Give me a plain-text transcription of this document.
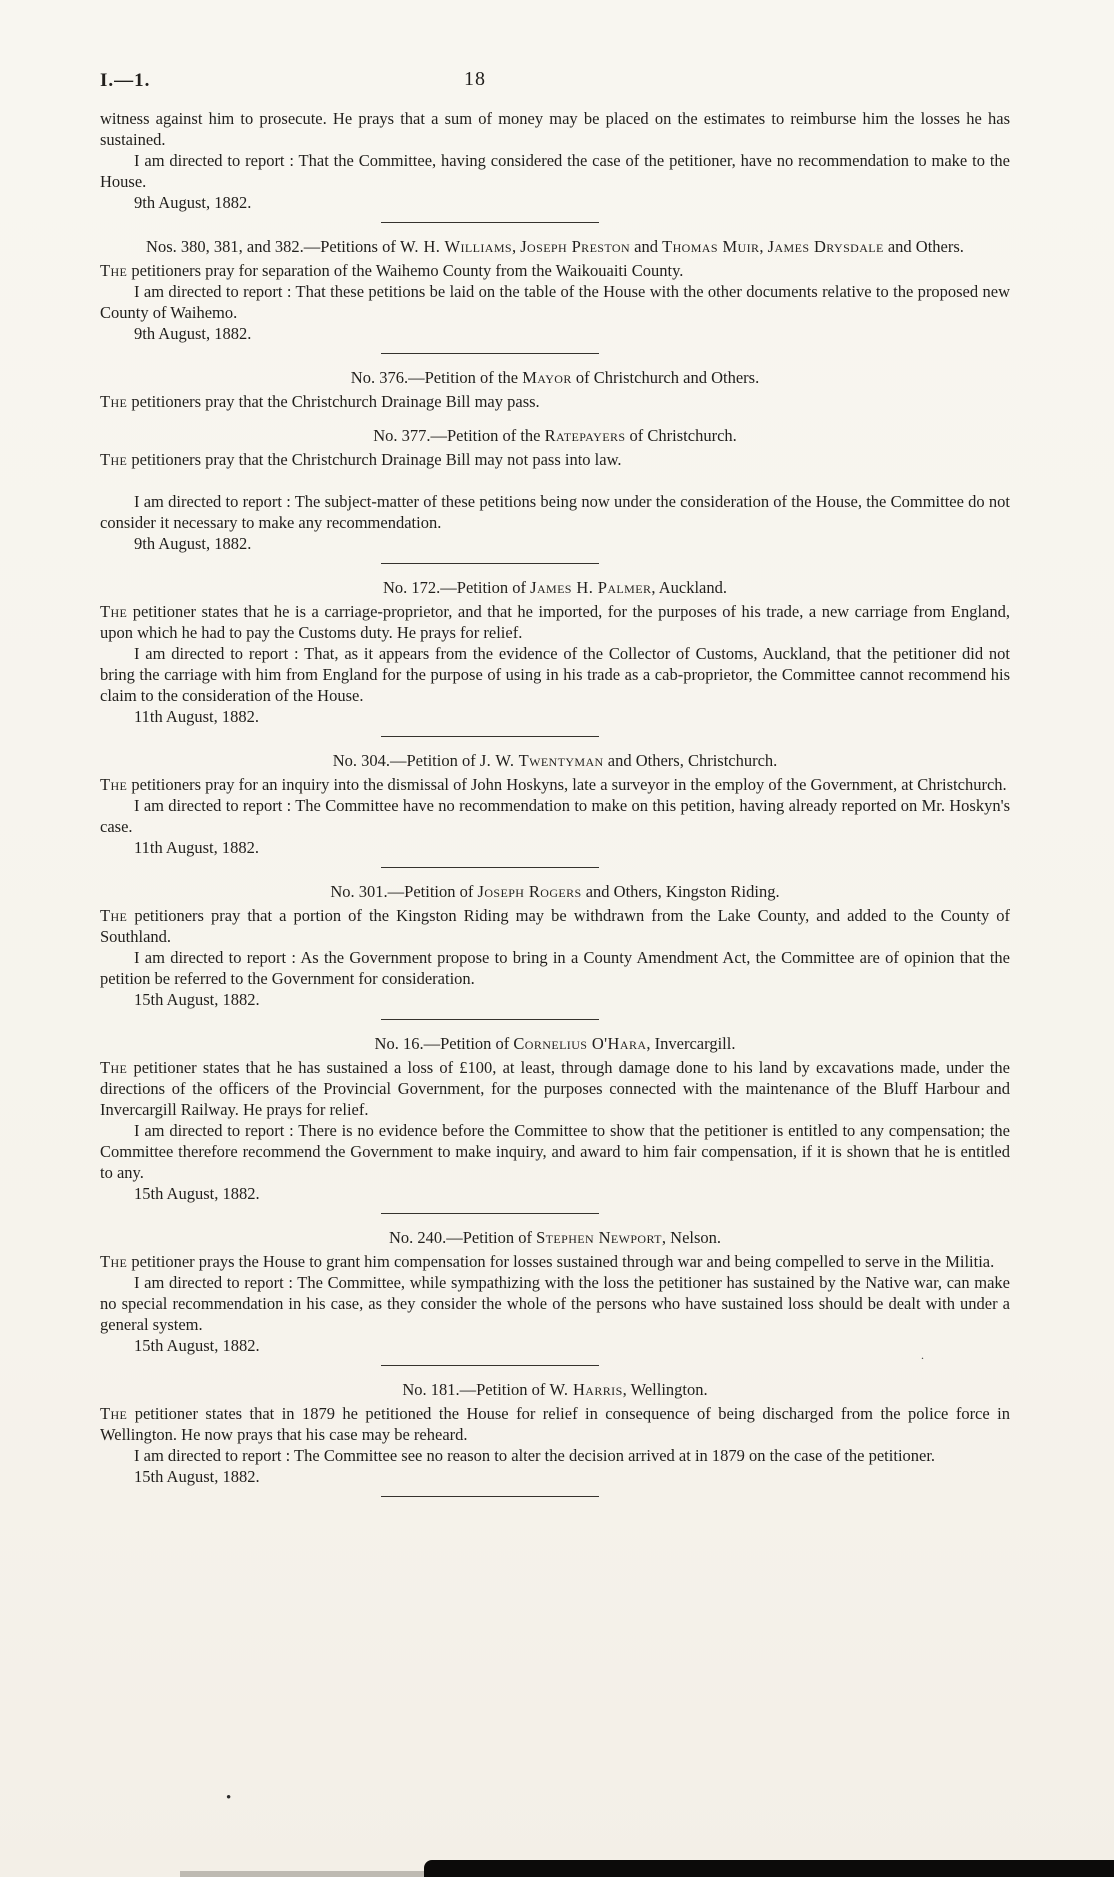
I.—1.	18

witness against him to prosecute. He prays that a sum of money may be placed on the estimates to reimburse him the losses he has sustained.

I am directed to report : That the Committee, having considered the case of the petitioner, have no recommendation to make to the House.

9th August, 1882.

Nos. 380, 381, and 382.—Petitions of W. H. Williams, Joseph Preston and Thomas Muir, James Drysdale and Others.

The petitioners pray for separation of the Waihemo County from the Waikouaiti County.

I am directed to report : That these petitions be laid on the table of the House with the other documents relative to the proposed new County of Waihemo.

9th August, 1882.

No. 376.—Petition of the Mayor of Christchurch and Others.

The petitioners pray that the Christchurch Drainage Bill may pass.

No. 377.—Petition of the Ratepayers of Christchurch.

The petitioners pray that the Christchurch Drainage Bill may not pass into law.

I am directed to report : The subject-matter of these petitions being now under the consideration of the House, the Committee do not consider it necessary to make any recommendation.

9th August, 1882.

No. 172.—Petition of James H. Palmer, Auckland.

The petitioner states that he is a carriage-proprietor, and that he imported, for the purposes of his trade, a new carriage from England, upon which he had to pay the Customs duty. He prays for relief.

I am directed to report : That, as it appears from the evidence of the Collector of Customs, Auckland, that the petitioner did not bring the carriage with him from England for the purpose of using in his trade as a cab-proprietor, the Committee cannot recommend his claim to the consideration of the House.

11th August, 1882.

No. 304.—Petition of J. W. Twentyman and Others, Christchurch.

The petitioners pray for an inquiry into the dismissal of John Hoskyns, late a surveyor in the employ of the Government, at Christchurch.

I am directed to report : The Committee have no recommendation to make on this petition, having already reported on Mr. Hoskyn's case.

11th August, 1882.

No. 301.—Petition of Joseph Rogers and Others, Kingston Riding.

The petitioners pray that a portion of the Kingston Riding may be withdrawn from the Lake County, and added to the County of Southland.

I am directed to report : As the Government propose to bring in a County Amendment Act, the Committee are of opinion that the petition be referred to the Government for consideration.

15th August, 1882.

No. 16.—Petition of Cornelius O'Hara, Invercargill.

The petitioner states that he has sustained a loss of £100, at least, through damage done to his land by excavations made, under the directions of the officers of the Provincial Government, for the purposes connected with the maintenance of the Bluff Harbour and Invercargill Railway. He prays for relief.

I am directed to report : There is no evidence before the Committee to show that the petitioner is entitled to any compensation; the Committee therefore recommend the Government to make inquiry, and award to him fair compensation, if it is shown that he is entitled to any.

15th August, 1882.

No. 240.—Petition of Stephen Newport, Nelson.

The petitioner prays the House to grant him compensation for losses sustained through war and being compelled to serve in the Militia.

I am directed to report : The Committee, while sympathizing with the loss the petitioner has sustained by the Native war, can make no special recommendation in his case, as they consider the whole of the persons who have sustained loss should be dealt with under a general system.

15th August, 1882.

No. 181.—Petition of W. Harris, Wellington.

The petitioner states that in 1879 he petitioned the House for relief in consequence of being discharged from the police force in Wellington. He now prays that his case may be reheard.

I am directed to report : The Committee see no reason to alter the decision arrived at in 1879 on the case of the petitioner.

15th August, 1882.

.
•
